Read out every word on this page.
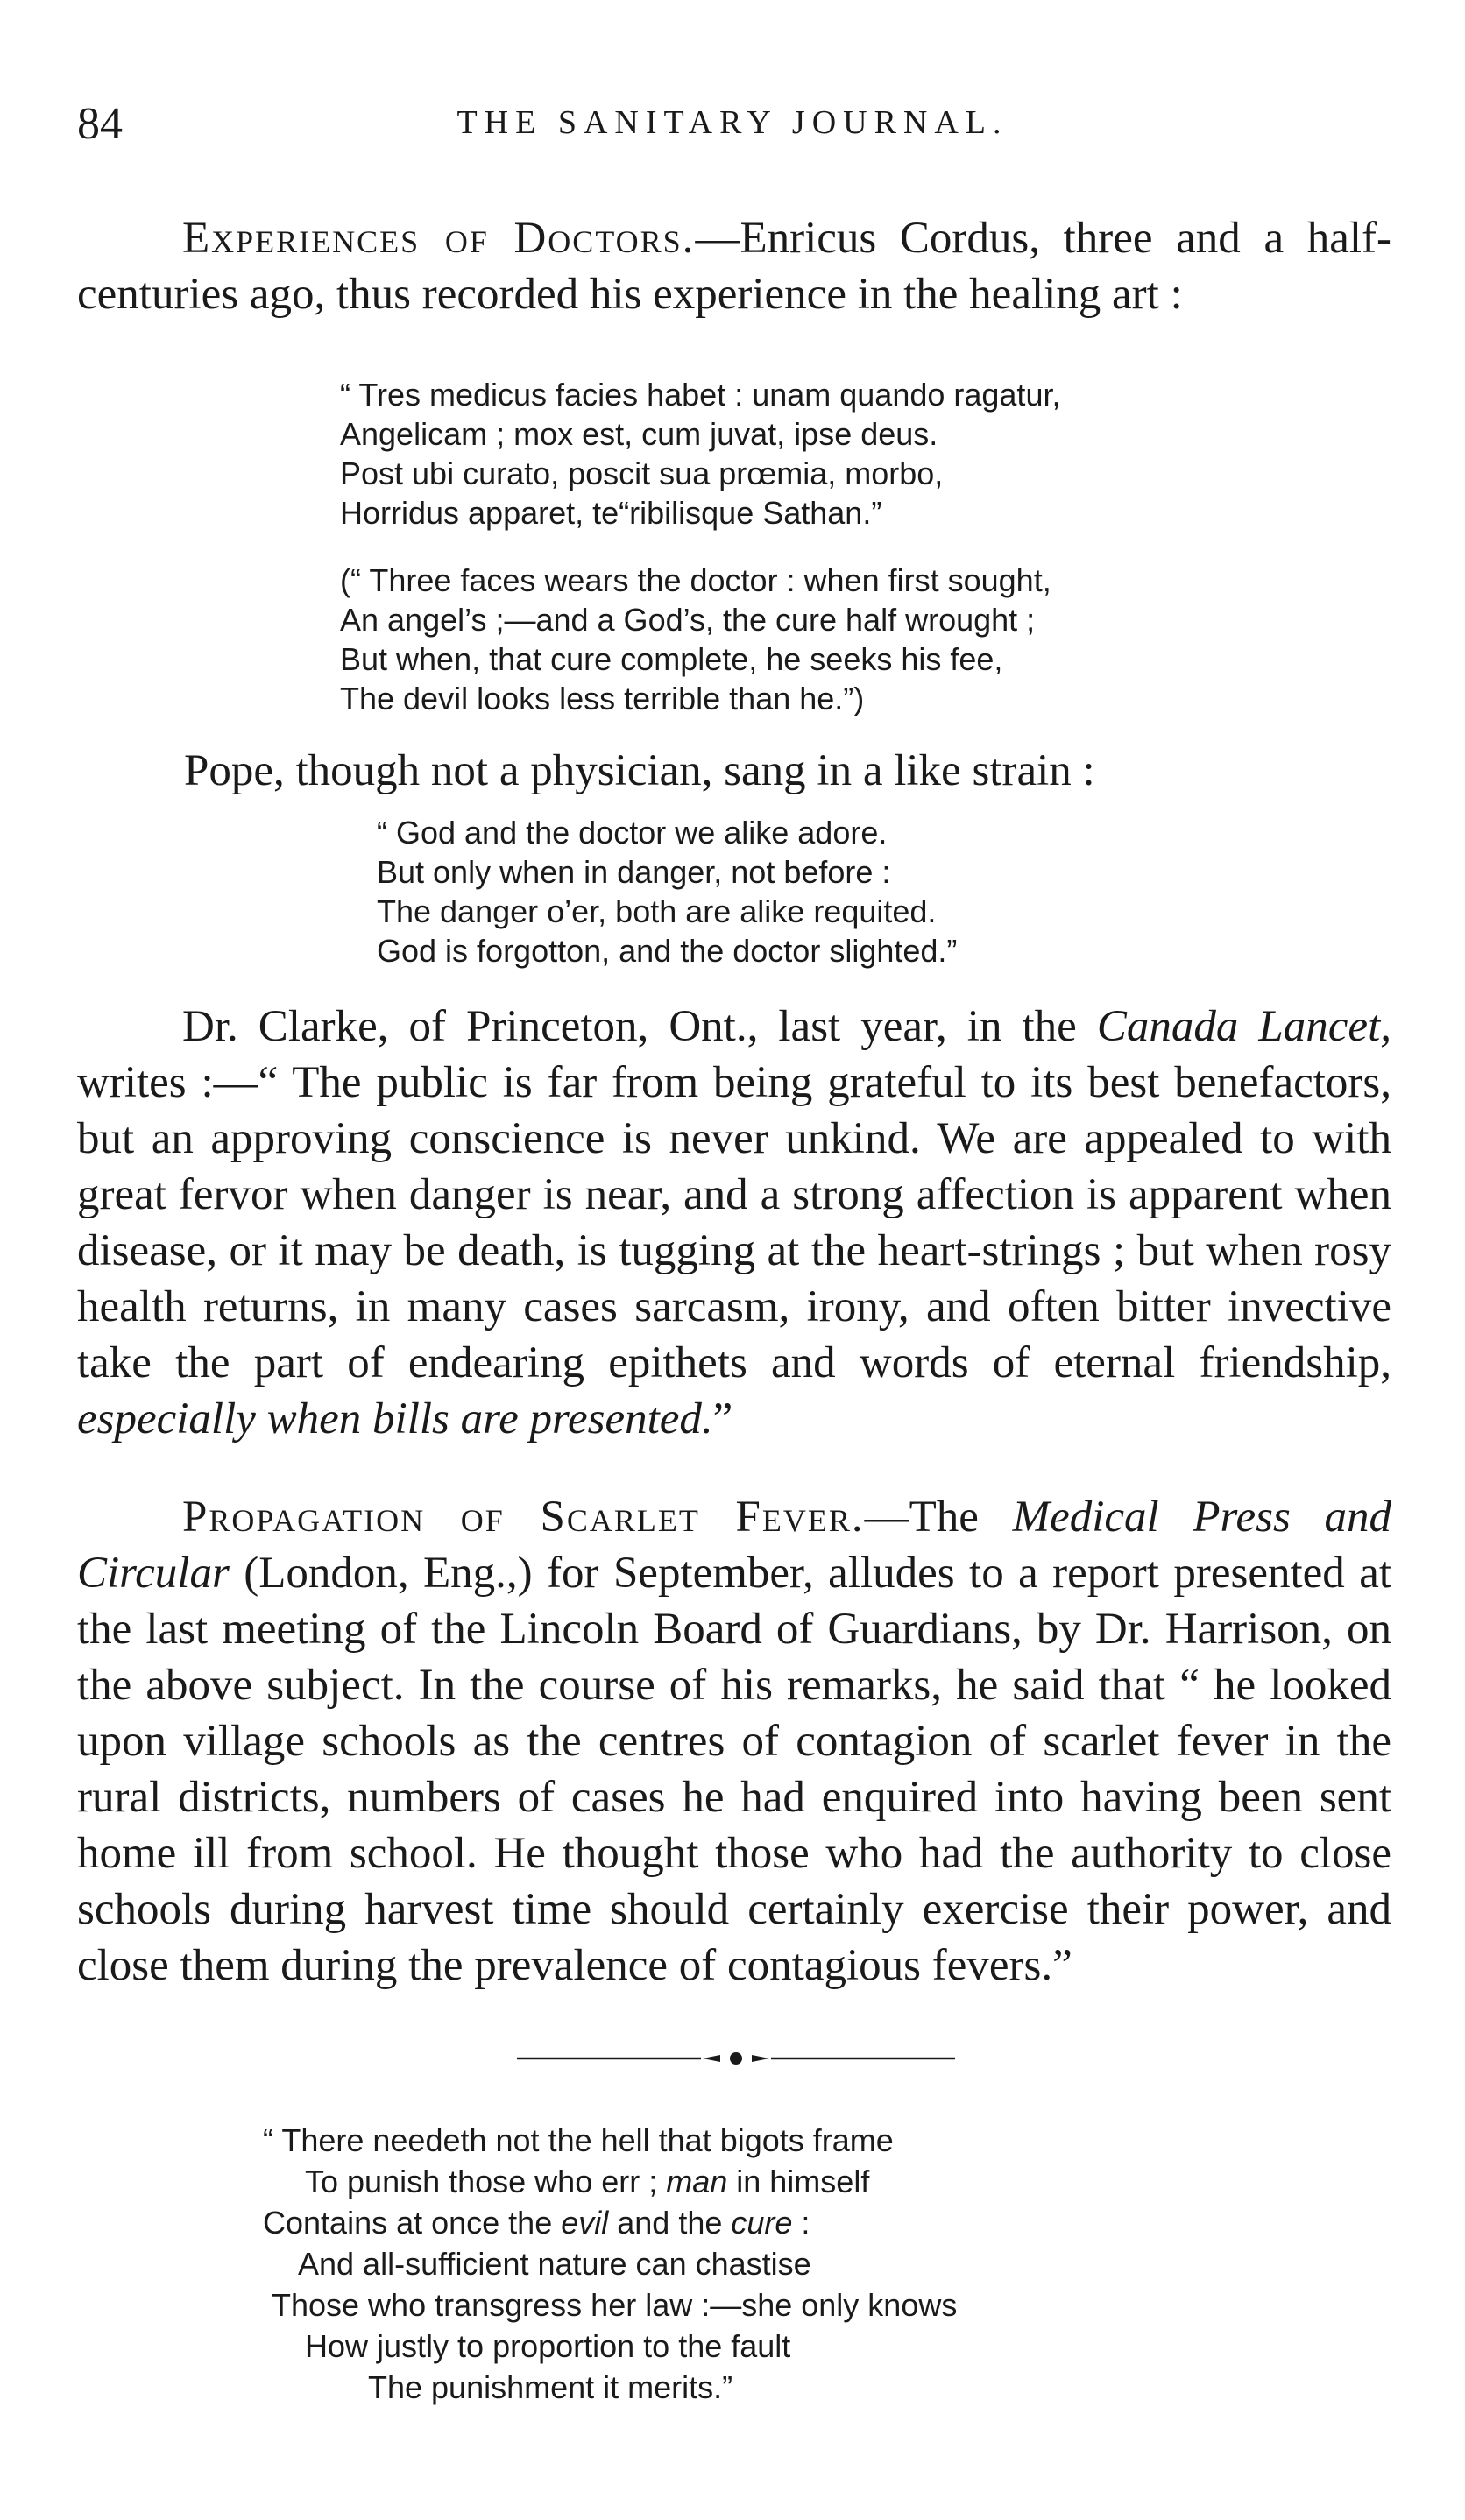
84	THE SANITARY JOURNAL.

Experiences of Doctors.—Enricus Cordus, three and a half-centuries ago, thus recorded his experience in the healing art :

“ Tres medicus facies habet : unam quando ragatur,
Angelicam ; mox est, cum juvat, ipse deus.
Post ubi curato, poscit sua prœmia, morbo,
Horridus apparet, te“ribilisque Sathan.”
(“ Three faces wears the doctor : when first sought,
An angel’s ;—and a God’s, the cure half wrought ;
But when, that cure complete, he seeks his fee,
The devil looks less terrible than he.”)

Pope, though not a physician, sang in a like strain :

“ God and the doctor we alike adore.
But only when in danger, not before :
The danger o’er, both are alike requited.
God is forgotton, and the doctor slighted.”

Dr. Clarke, of Princeton, Ont., last year, in the Canada Lancet, writes :—“ The public is far from being grateful to its best benefactors, but an approving conscience is never unkind. We are appealed to with great fervor when danger is near, and a strong affection is apparent when disease, or it may be death, is tugging at the heart-strings ; but when rosy health returns, in many cases sarcasm, irony, and often bitter invective take the part of endearing epithets and words of eternal friendship, especially when bills are presented.”

Propagation of Scarlet Fever.—The Medical Press and Circular (London, Eng.,) for September, alludes to a report presented at the last meeting of the Lincoln Board of Guardians, by Dr. Harrison, on the above subject. In the course of his remarks, he said that “ he looked upon village schools as the centres of contagion of scarlet fever in the rural districts, numbers of cases he had enquired into having been sent home ill from school. He thought those who had the authority to close schools during harvest time should certainly exercise their power, and close them during the prevalence of contagious fevers.”

“ There needeth not the hell that bigots frame
To punish those who err ; man in himself
Contains at once the evil and the cure :
And all-sufficient nature can chastise
Those who transgress her law :—she only knows
How justly to proportion to the fault
The punishment it merits.”
